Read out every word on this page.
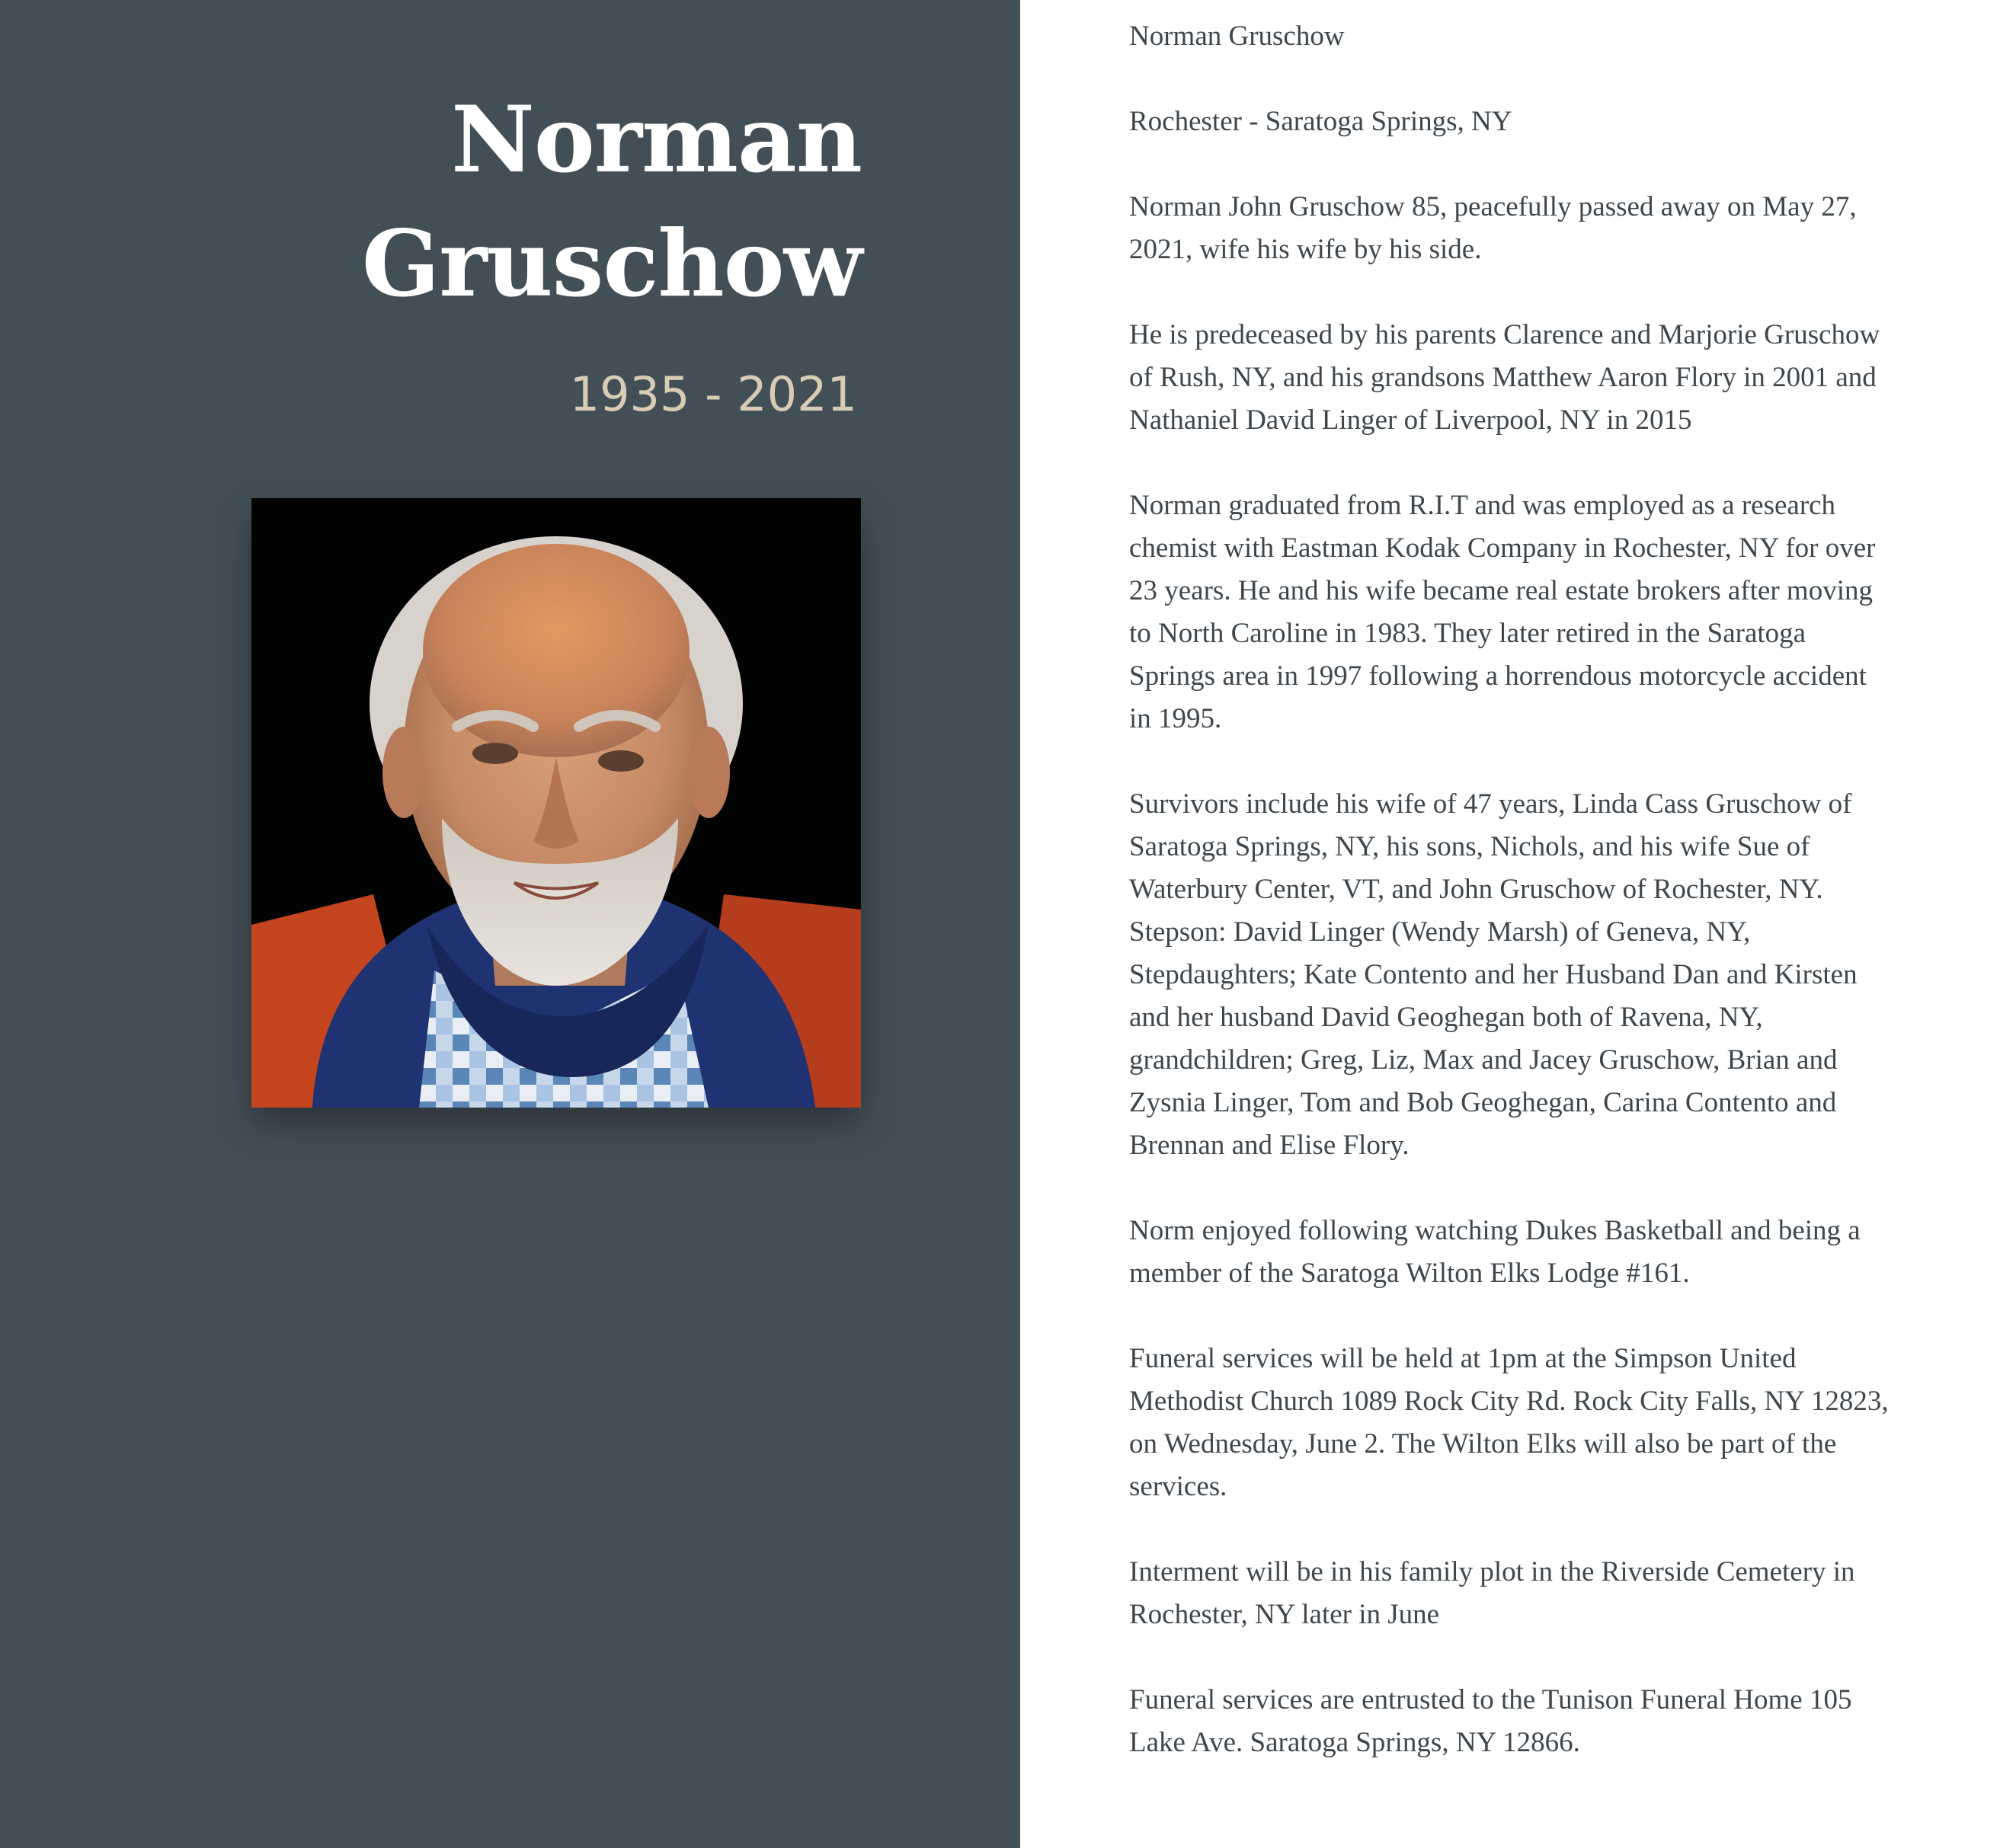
Norman
Gruschow
1935 - 2021

Norman Gruschow

Rochester - Saratoga Springs, NY

Norman John Gruschow 85, peacefully passed away on May 27, 2021, wife his wife by his side.

He is predeceased by his parents Clarence and Marjorie Gruschow of Rush, NY, and his grandsons Matthew Aaron Flory in 2001 and Nathaniel David Linger of Liverpool, NY in 2015

Norman graduated from R.I.T and was employed as a research chemist with Eastman Kodak Company in Rochester, NY for over 23 years. He and his wife became real estate brokers after moving to North Caroline in 1983. They later retired in the Saratoga Springs area in 1997 following a horrendous motorcycle accident in 1995.

Survivors include his wife of 47 years, Linda Cass Gruschow of Saratoga Springs, NY, his sons, Nichols, and his wife Sue of Waterbury Center, VT, and John Gruschow of Rochester, NY. Stepson: David Linger (Wendy Marsh) of Geneva, NY, Stepdaughters; Kate Contento and her Husband Dan and Kirsten and her husband David Geoghegan both of Ravena, NY, grandchildren; Greg, Liz, Max and Jacey Gruschow, Brian and Zysnia Linger, Tom and Bob Geoghegan, Carina Contento and Brennan and Elise Flory.

Norm enjoyed following watching Dukes Basketball and being a member of the Saratoga Wilton Elks Lodge #161.

Funeral services will be held at 1pm at the Simpson United Methodist Church 1089 Rock City Rd. Rock City Falls, NY 12823, on Wednesday, June 2. The Wilton Elks will also be part of the services.

Interment will be in his family plot in the Riverside Cemetery in Rochester, NY later in June

Funeral services are entrusted to the Tunison Funeral Home 105 Lake Ave. Saratoga Springs, NY 12866.
